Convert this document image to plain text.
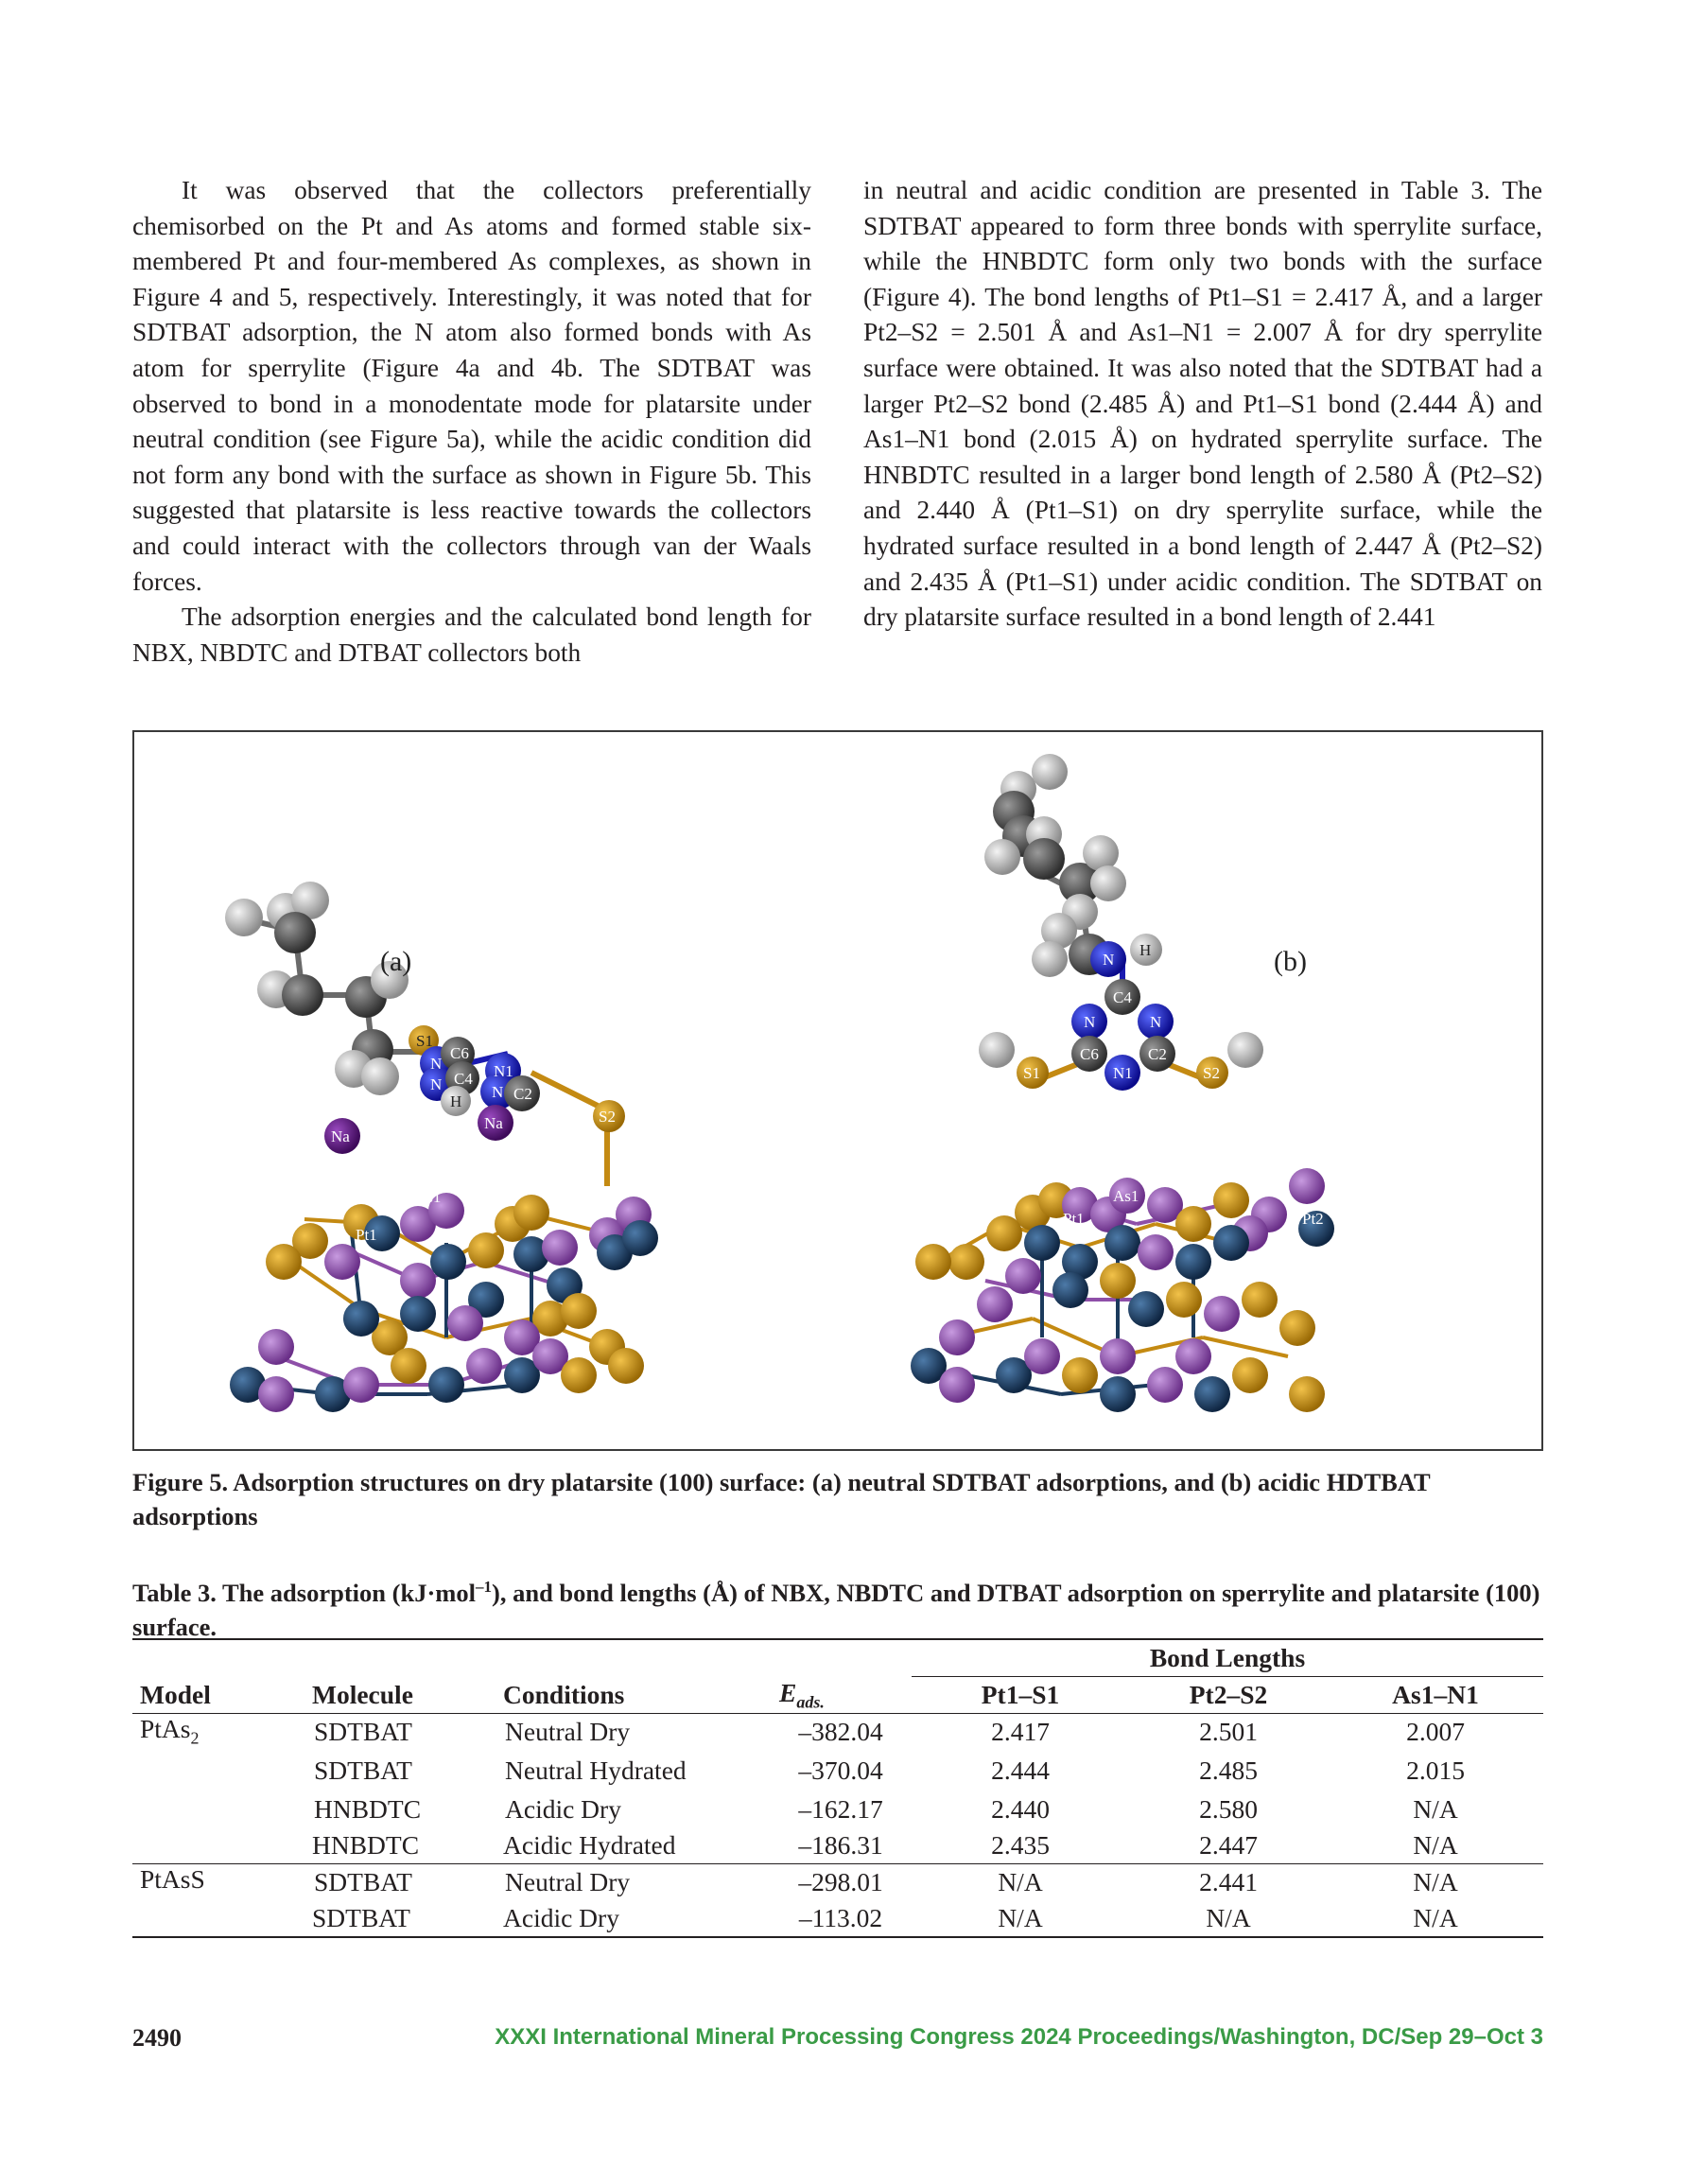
It was observed that the collectors preferentially chemisorbed on the Pt and As atoms and formed stable six-membered Pt and four-membered As complexes, as shown in Figure 4 and 5, respectively. Interestingly, it was noted that for SDTBAT adsorption, the N atom also formed bonds with As atom for sperrylite (Figure 4a and 4b. The SDTBAT was observed to bond in a monodentate mode for platarsite under neutral condition (see Figure 5a), while the acidic condition did not form any bond with the surface as shown in Figure 5b. This suggested that platarsite is less reactive towards the collectors and could interact with the collectors through van der Waals forces.

The adsorption energies and the calculated bond length for NBX, NBDTC and DTBAT collectors both

in neutral and acidic condition are presented in Table 3. The SDTBAT appeared to form three bonds with sperrylite surface, while the HNBDTC form only two bonds with the surface (Figure 4). The bond lengths of Pt1–S1 = 2.417 Å, and a larger Pt2–S2 = 2.501 Å and As1–N1 = 2.007 Å for dry sperrylite surface were obtained. It was also noted that the SDTBAT had a larger Pt2–S2 bond (2.485 Å) and Pt1–S1 bond (2.444 Å) and As1–N1 bond (2.015 Å) on hydrated sperrylite surface. The HNBDTC resulted in a larger bond length of 2.580 Å (Pt2–S2) and 2.440 Å (Pt1–S1) on dry sperrylite surface, while the hydrated surface resulted in a bond length of 2.447 Å (Pt2–S2) and 2.435 Å (Pt1–S1) under acidic condition. The SDTBAT on dry platarsite surface resulted in a bond length of 2.441

(a)
S1
N
C6
N C4 N1
N C2
H
Na
Na	S2
As1
Pt1
Pt2
(b)
N
H
C4
N	N
C6
N1
C2
S1	S2
As1
Pt1	Pt2
Figure 5. Adsorption structures on dry platarsite (100) surface: (a) neutral SDTBAT adsorptions, and (b) acidic HDTBAT adsorptions
Table 3. The adsorption (kJ·mol$^{-1}$), and bond lengths (Å) of NBX, NBDTC and DTBAT adsorption on sperrylite and platarsite (100) surface.
				Bond Lengths		
Model	Molecule	Conditions	$E_{ads.}$	Pt1–S1	Pt2–S2	As1–N1
PtAs$_2$	SDTBAT	Neutral Dry	–382.04	2.417	2.501	2.007
	SDTBAT	Neutral Hydrated	–370.04	2.444	2.485	2.015
	HNBDTC	Acidic Dry	–162.17	2.440	2.580	N/A
	HNBDTC	Acidic Hydrated	–186.31	2.435	2.447	N/A
PtAsS	SDTBAT	Neutral Dry	–298.01	N/A	2.441	N/A
	SDTBAT	Acidic Dry	–113.02	N/A	N/A	N/A
2490	XXXI International Mineral Processing Congress 2024 Proceedings/Washington, DC/Sep 29–Oct 3
